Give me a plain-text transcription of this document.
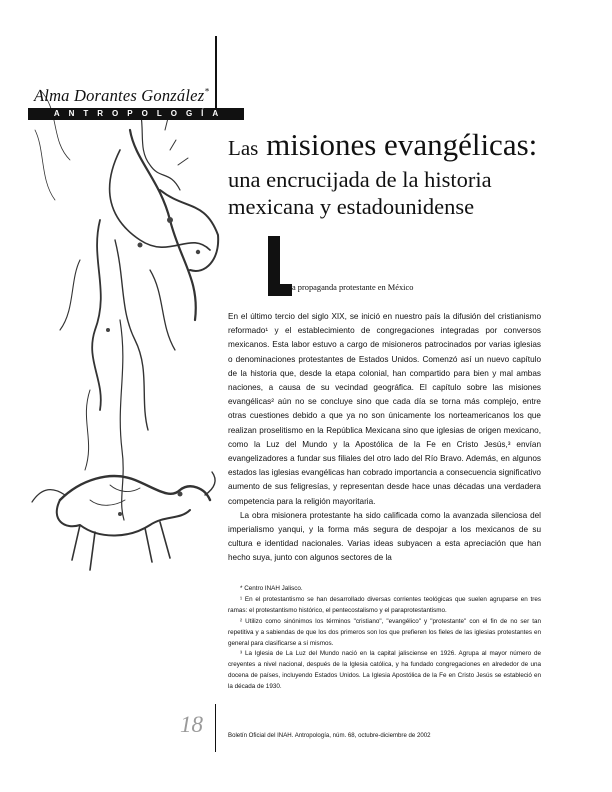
Alma Dorantes González*
ANTROPOLOGÍA
Las misiones evangélicas:
una encrucijada de la historia
mexicana y estadounidense
a propaganda protestante en México

En el último tercio del siglo XIX, se inició en nuestro país la difusión del cristianismo reformado¹ y el establecimiento de congregaciones integradas por conversos mexicanos. Esta labor estuvo a cargo de misioneros patrocinados por varias iglesias o denominaciones protestantes de Estados Unidos. Comenzó así un nuevo capítulo de la historia que, desde la etapa colonial, han compartido para bien y mal ambas naciones, a causa de su vecindad geográfica. El capítulo sobre las misiones evangélicas² aún no se concluye sino que cada día se torna más complejo, entre otras cuestiones debido a que ya no son únicamente los norteamericanos los que realizan proselitismo en la República Mexicana sino que iglesias de origen mexicano, como la Luz del Mundo y la Apostólica de la Fe en Cristo Jesús,³ envían evangelizadores a fundar sus filiales del otro lado del Río Bravo. Además, en algunos estados las iglesias evangélicas han cobrado importancia a consecuencia significativo aumento de sus feligresías, y representan desde hace unas décadas una verdadera competencia para la religión mayoritaria.

La obra misionera protestante ha sido calificada como la avanzada silenciosa del imperialismo yanqui, y la forma más segura de despojar a los mexicanos de su cultura e identidad nacionales. Varias ideas subyacen a esta apreciación que han hecho suya, junto con algunos sectores de la

* Centro INAH Jalisco.

¹ En el protestantismo se han desarrollado diversas corrientes teológicas que suelen agruparse en tres ramas: el protestantismo histórico, el pentecostalismo y el paraprotestantismo.

² Utilizo como sinónimos los términos "cristiano", "evangélico" y "protestante" con el fin de no ser tan repetitiva y a sabiendas de que los dos primeros son los que prefieren los fieles de las iglesias protestantes en general para clasificarse a sí mismos.

³ La Iglesia de La Luz del Mundo nació en la capital jalisciense en 1926. Agrupa al mayor número de creyentes a nivel nacional, después de la Iglesia católica, y ha fundado congregaciones en alrededor de una docena de países, incluyendo Estados Unidos. La Iglesia Apostólica de la Fe en Cristo Jesús se estableció en la década de 1930.

18	Boletín Oficial del INAH. Antropología, núm. 68, octubre-diciembre de 2002
